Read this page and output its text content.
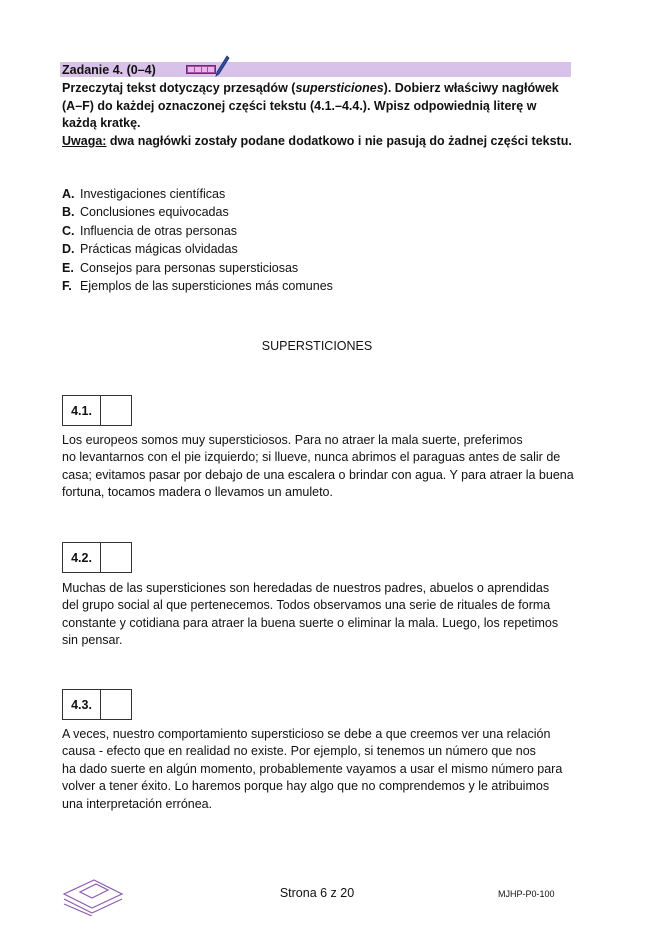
Zadanie 4. (0–4)

Przeczytaj tekst dotyczący przesądów (supersticiones). Dobierz właściwy nagłówek (A–F) do każdej oznaczonej części tekstu (4.1.–4.4.). Wpisz odpowiednią literę w każdą kratkę.

Uwaga: dwa nagłówki zostały podane dodatkowo i nie pasują do żadnej części tekstu.

A. Investigaciones científicas
B. Conclusiones equivocadas
C. Influencia de otras personas
D. Prácticas mágicas olvidadas
E. Consejos para personas supersticiosas
F. Ejemplos de las supersticiones más comunes
SUPERSTICIONES
4.1.
Los europeos somos muy supersticiosos. Para no atraer la mala suerte, preferimos
no levantarnos con el pie izquierdo; si llueve, nunca abrimos el paraguas antes de salir de
casa; evitamos pasar por debajo de una escalera o brindar con agua. Y para atraer la buena
fortuna, tocamos madera o llevamos un amuleto.
4.2.
Muchas de las supersticiones son heredadas de nuestros padres, abuelos o aprendidas
del grupo social al que pertenecemos. Todos observamos una serie de rituales de forma
constante y cotidiana para atraer la buena suerte o eliminar la mala. Luego, los repetimos
sin pensar.
4.3.
A veces, nuestro comportamiento supersticioso se debe a que creemos ver una relación
causa - efecto que en realidad no existe. Por ejemplo, si tenemos un número que nos
ha dado suerte en algún momento, probablemente vayamos a usar el mismo número para
volver a tener éxito. Lo haremos porque hay algo que no comprendemos y le atribuimos
una interpretación errónea.
Strona 6 z 20	MJHP-P0-100
